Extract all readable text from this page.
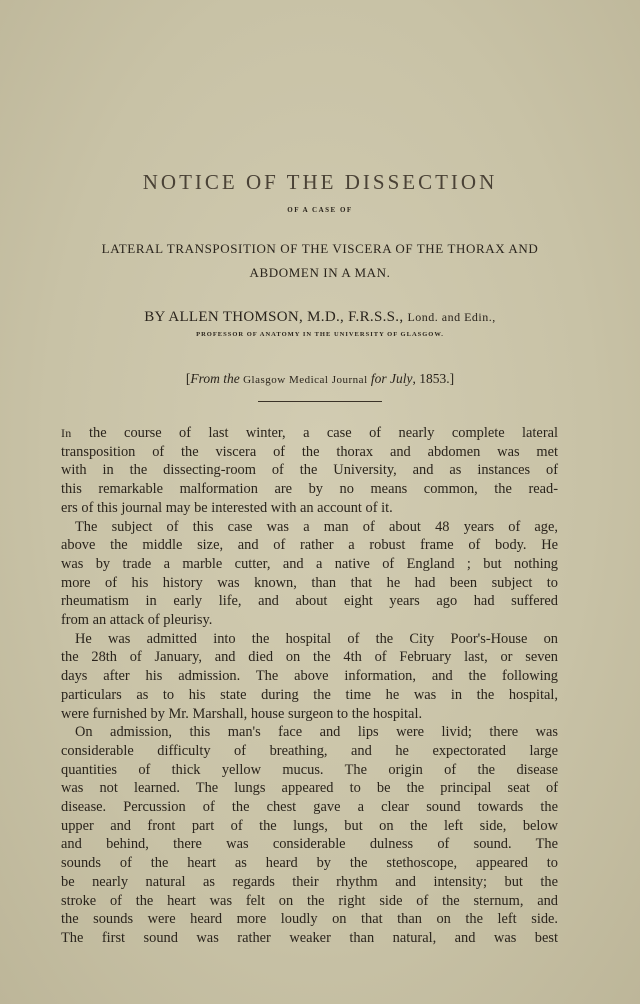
NOTICE OF THE DISSECTION
OF A CASE OF
LATERAL TRANSPOSITION OF THE VISCERA OF THE THORAX AND
ABDOMEN IN A MAN.
BY ALLEN THOMSON, M.D., F.R.S.S., Lond. and Edin.,
PROFESSOR OF ANATOMY IN THE UNIVERSITY OF GLASGOW.
[From the Glasgow Medical Journal for July, 1853.]
In the course of last winter, a case of nearly complete lateral
transposition of the viscera of the thorax and abdomen was met
with in the dissecting-room of the University, and as instances of
this remarkable malformation are by no means common, the read-
ers of this journal may be interested with an account of it.
The subject of this case was a man of about 48 years of age,
above the middle size, and of rather a robust frame of body. He
was by trade a marble cutter, and a native of England ; but nothing
more of his history was known, than that he had been subject to
rheumatism in early life, and about eight years ago had suffered
from an attack of pleurisy.
He was admitted into the hospital of the City Poor's-House on
the 28th of January, and died on the 4th of February last, or seven
days after his admission. The above information, and the following
particulars as to his state during the time he was in the hospital,
were furnished by Mr. Marshall, house surgeon to the hospital.
On admission, this man's face and lips were livid; there was
considerable difficulty of breathing, and he expectorated large
quantities of thick yellow mucus. The origin of the disease
was not learned. The lungs appeared to be the principal seat of
disease. Percussion of the chest gave a clear sound towards the
upper and front part of the lungs, but on the left side, below
and behind, there was considerable dulness of sound. The
sounds of the heart as heard by the stethoscope, appeared to
be nearly natural as regards their rhythm and intensity; but the
stroke of the heart was felt on the right side of the sternum, and
the sounds were heard more loudly on that than on the left side.
The first sound was rather weaker than natural, and was best
